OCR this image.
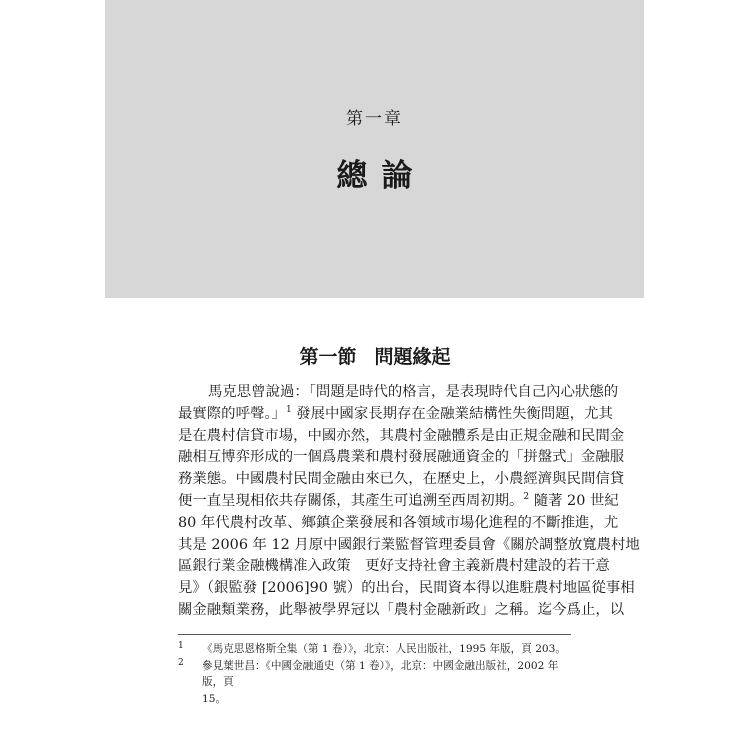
第一章
總論
第一節 問題緣起
馬克思曾說過：「問題是時代的格言，是表現時代自己內心狀態的
最實際的呼聲。」$^1$ 發展中國家長期存在金融業結構性失衡問題，尤其
是在農村信貸市場，中國亦然，其農村金融體系是由正規金融和民間金
融相互博弈形成的一個爲農業和農村發展融通資金的「拼盤式」金融服
務業態。中國農村民間金融由來已久，在歷史上，小農經濟與民間信貸
便一直呈現相依共存關係，其產生可追溯至西周初期。$^2$ 隨著 20 世紀
80 年代農村改革、鄉鎮企業發展和各領域市場化進程的不斷推進，尤
其是 2006 年 12 月原中國銀行業監督管理委員會《關於調整放寬農村地
區銀行業金融機構准入政策　更好支持社會主義新農村建設的若干意
見》（銀監發 [2006]90 號）的出台，民間資本得以進駐農村地區從事相
關金融類業務，此舉被學界冠以「農村金融新政」之稱。迄今爲止，以
1 《馬克思恩格斯全集（第 1 卷）》，北京：人民出版社，1995 年版，頁 203。
2 參見葉世昌：《中國金融通史（第 1 卷）》，北京：中國金融出版社，2002 年版，頁
15。
